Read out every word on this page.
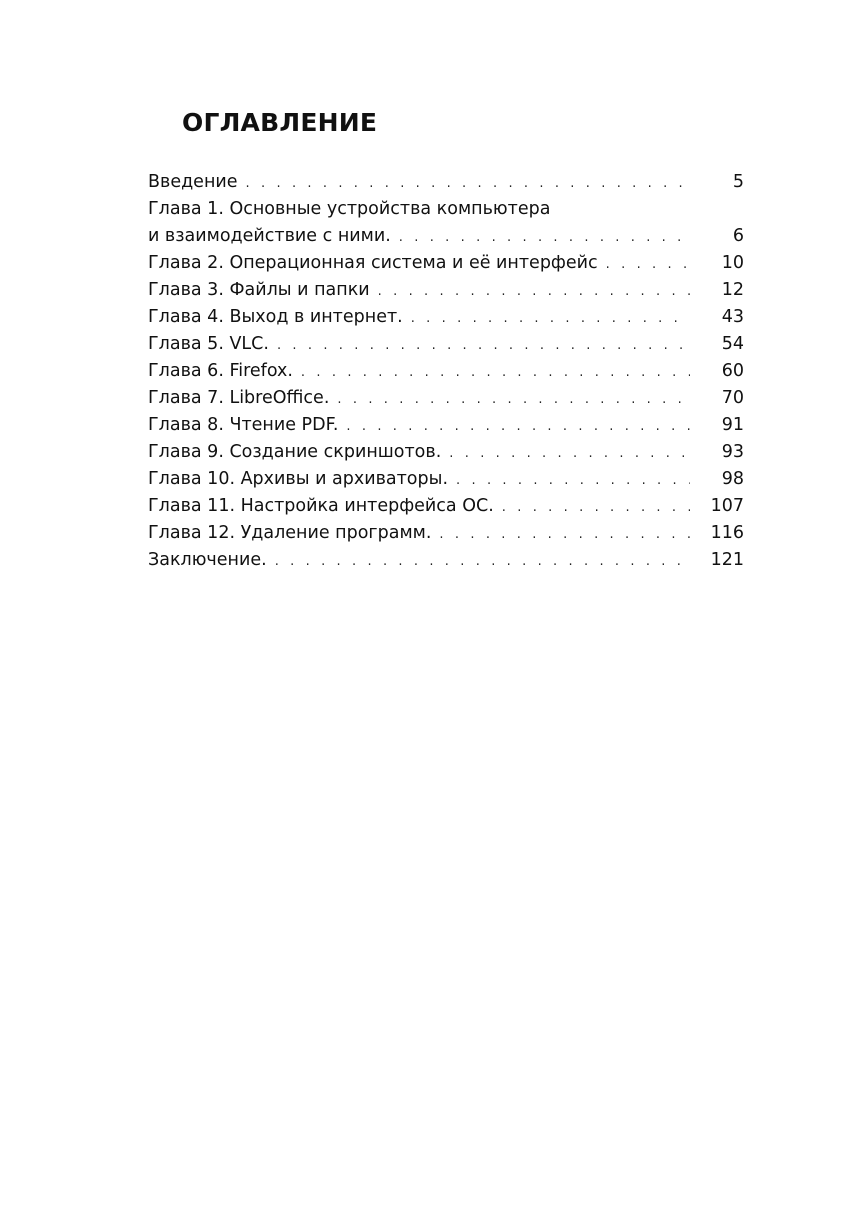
ОГЛАВЛЕНИЕ
Введение . . .	5
Глава 1. Основные устройства компьютера
и взаимодействие с ними. . . .	6
Глава 2. Операционная система и её интерфейс . . .	10
Глава 3. Файлы и папки . . .	12
Глава 4. Выход в интернет. . . .	43
Глава 5. VLC. . . .	54
Глава 6. Firefox. . . .	60
Глава 7. LibreOffice. . . .	70
Глава 8. Чтение PDF. . . .	91
Глава 9. Создание скриншотов. . . .	93
Глава 10. Архивы и архиваторы. . . .	98
Глава 11. Настройка интерфейса ОС. . . .	107
Глава 12. Удаление программ. . . .	116
Заключение. . . .	121
